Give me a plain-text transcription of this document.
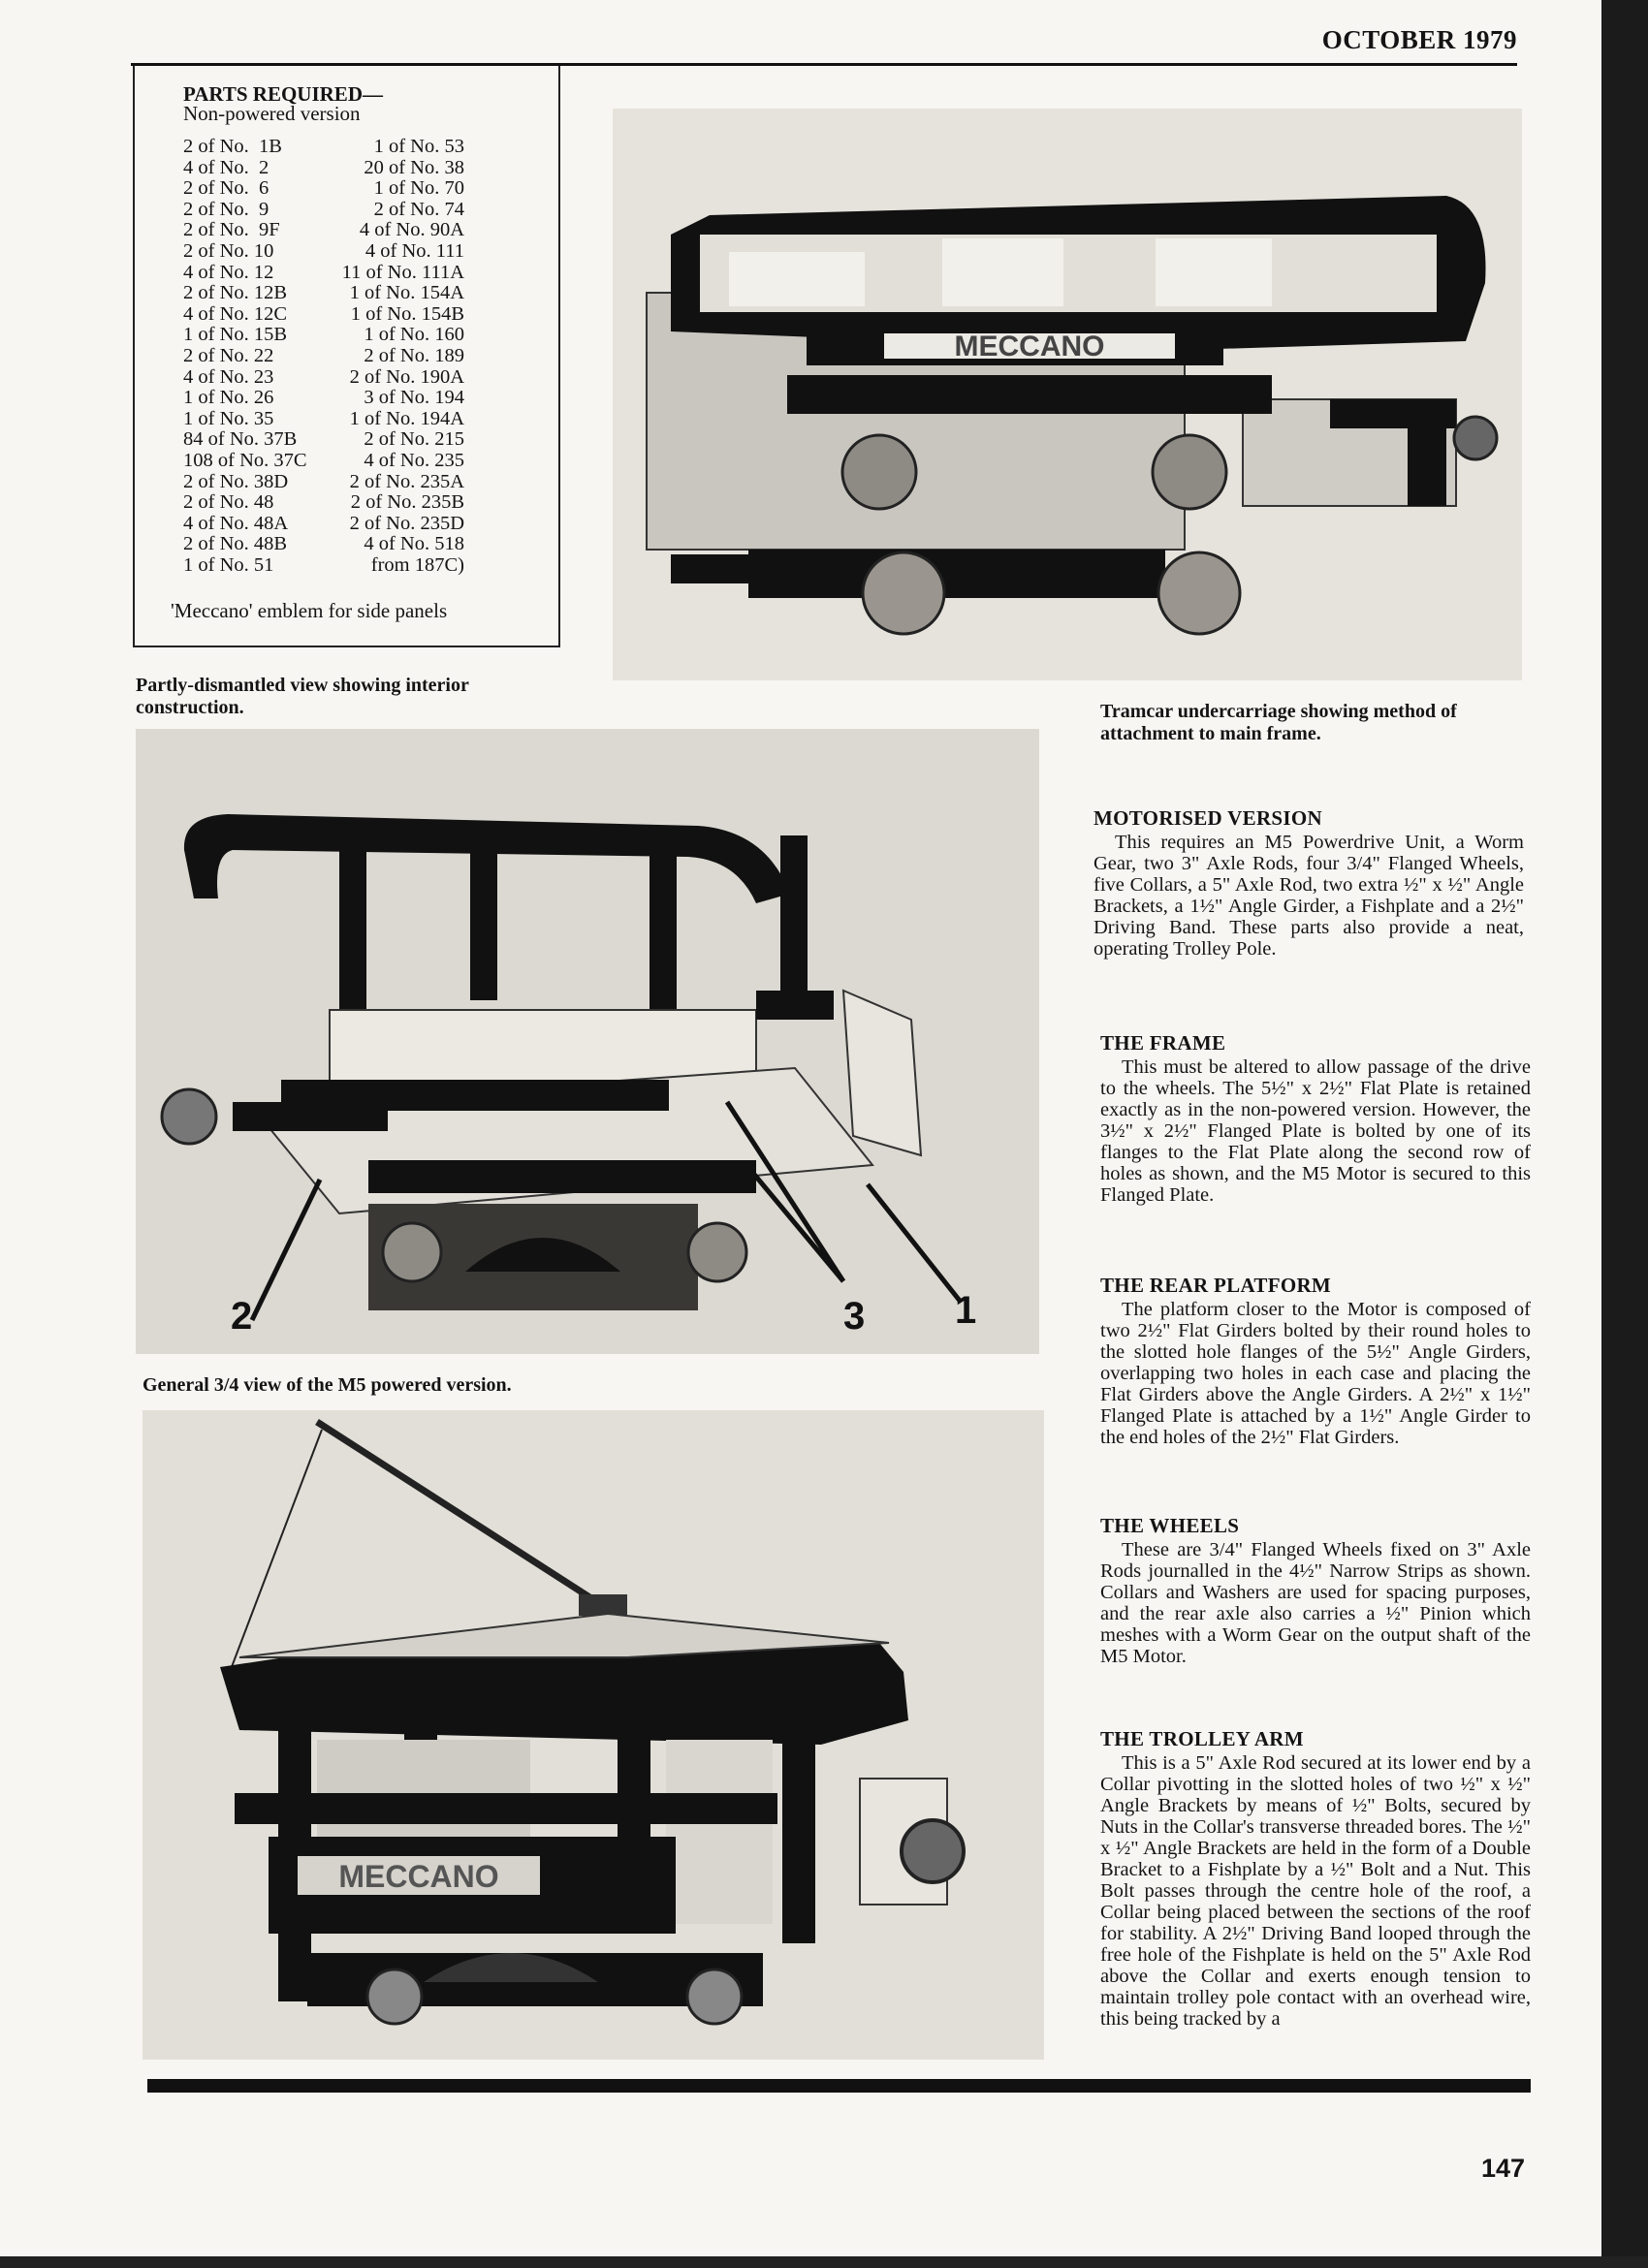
OCTOBER 1979
PARTS REQUIRED—
Non-powered version
2 of No.  1B
4 of No.  2
2 of No.  6
2 of No.  9
2 of No.  9F
2 of No. 10
4 of No. 12
2 of No. 12B
4 of No. 12C
1 of No. 15B
2 of No. 22
4 of No. 23
1 of No. 26
1 of No. 35
84 of No. 37B
108 of No. 37C
2 of No. 38D
2 of No. 48
4 of No. 48A
2 of No. 48B
1 of No. 51
1 of No. 53
20 of No. 38
1 of No. 70
2 of No. 74
4 of No. 90A
4 of No. 111
11 of No. 111A
1 of No. 154A
1 of No. 154B
1 of No. 160
2 of No. 189
2 of No. 190A
3 of No. 194
1 of No. 194A
2 of No. 215
4 of No. 235
2 of No. 235A
2 of No. 235B
2 of No. 235D
4 of No. 518
from 187C)
'Meccano' emblem for side panels
MECCANO
Tramcar undercarriage showing method of attachment to main frame.
Partly-dismantled view showing interior construction.
2	3 1
General 3/4 view of the M5 powered version.
MECCANO
MOTORISED VERSION
This requires an M5 Powerdrive Unit, a Worm Gear, two 3" Axle Rods, four 3/4" Flanged Wheels, five Collars, a 5" Axle Rod, two extra ½" x ½" Angle Brackets, a 1½" Angle Girder, a Fishplate and a 2½" Driving Band. These parts also provide a neat, operating Trolley Pole.
THE FRAME
This must be altered to allow passage of the drive to the wheels. The 5½" x 2½" Flat Plate is retained exactly as in the non-powered version. However, the 3½" x 2½" Flanged Plate is bolted by one of its flanges to the Flat Plate along the second row of holes as shown, and the M5 Motor is secured to this Flanged Plate.
THE REAR PLATFORM
The platform closer to the Motor is composed of two 2½" Flat Girders bolted by their round holes to the slotted hole flanges of the 5½" Angle Girders, overlapping two holes in each case and placing the Flat Girders above the Angle Girders. A 2½" x 1½" Flanged Plate is attached by a 1½" Angle Girder to the end holes of the 2½" Flat Girders.
THE WHEELS
These are 3/4" Flanged Wheels fixed on 3" Axle Rods journalled in the 4½" Narrow Strips as shown. Collars and Washers are used for spacing purposes, and the rear axle also carries a ½" Pinion which meshes with a Worm Gear on the output shaft of the M5 Motor.
THE TROLLEY ARM
This is a 5" Axle Rod secured at its lower end by a Collar pivotting in the slotted holes of two ½" x ½" Angle Brackets by means of ½" Bolts, secured by Nuts in the Collar's transverse threaded bores. The ½" x ½" Angle Brackets are held in the form of a Double Bracket to a Fishplate by a ½" Bolt and a Nut. This Bolt passes through the centre hole of the roof, a Collar being placed between the sections of the roof for stability. A 2½" Driving Band looped through the free hole of the Fishplate is held on the 5" Axle Rod above the Collar and exerts enough tension to maintain trolley pole contact with an overhead wire, this being tracked by a
147
